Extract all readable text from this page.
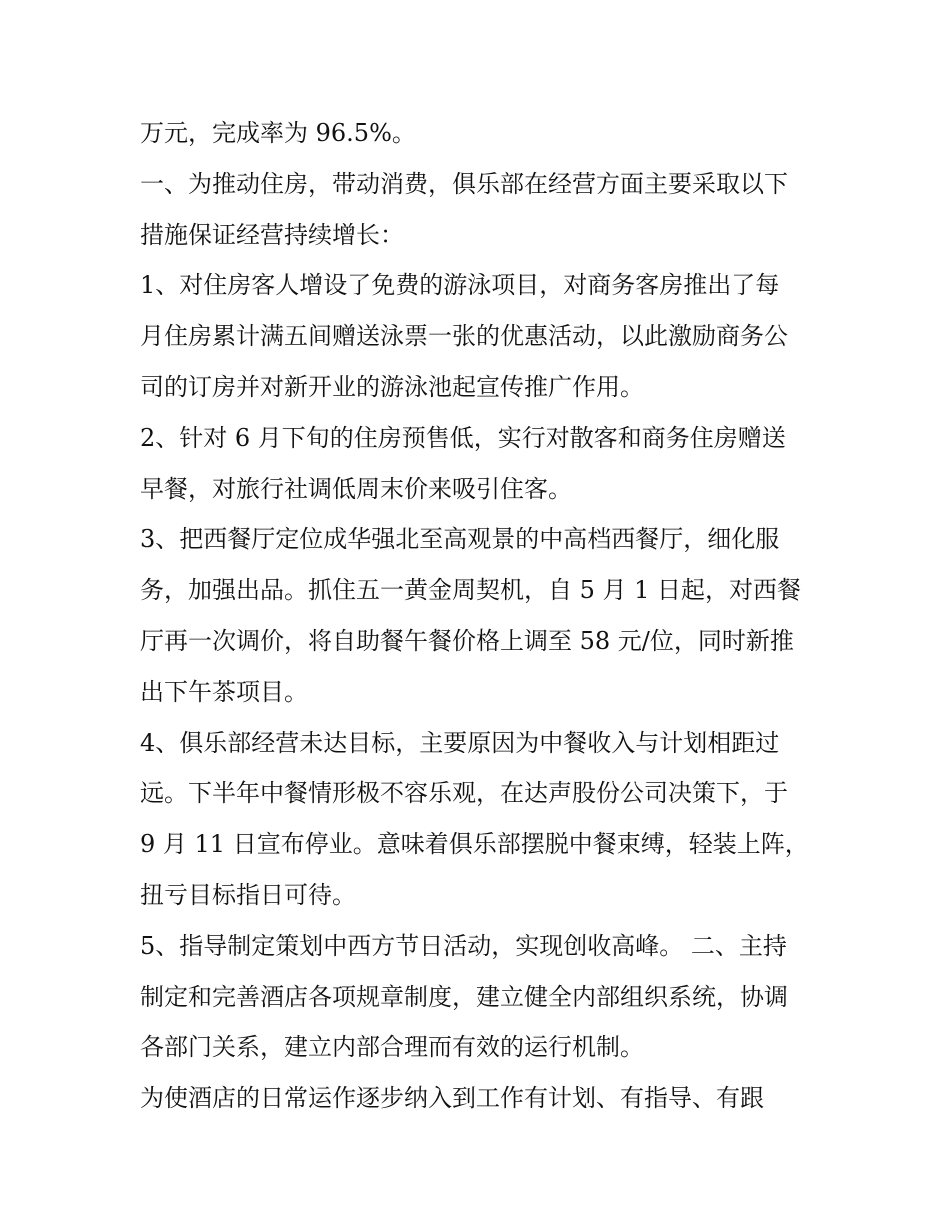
万元，完成率为 96.5%。
一、为推动住房，带动消费，俱乐部在经营方面主要采取以下
措施保证经营持续增长：
1、对住房客人增设了免费的游泳项目，对商务客房推出了每
月住房累计满五间赠送泳票一张的优惠活动，以此激励商务公
司的订房并对新开业的游泳池起宣传推广作用。
2、针对 6 月下旬的住房预售低，实行对散客和商务住房赠送
早餐，对旅行社调低周末价来吸引住客。
3、把西餐厅定位成华强北至高观景的中高档西餐厅，细化服
务，加强出品。抓住五一黄金周契机，自 5 月 1 日起，对西餐
厅再一次调价，将自助餐午餐价格上调至 58 元/位，同时新推
出下午茶项目。
4、俱乐部经营未达目标，主要原因为中餐收入与计划相距过
远。下半年中餐情形极不容乐观，在达声股份公司决策下，于
9 月 11 日宣布停业。意味着俱乐部摆脱中餐束缚，轻装上阵，
扭亏目标指日可待。
5、指导制定策划中西方节日活动，实现创收高峰。 二、主持
制定和完善酒店各项规章制度，建立健全内部组织系统，协调
各部门关系，建立内部合理而有效的运行机制。
为使酒店的日常运作逐步纳入到工作有计划、有指导、有跟
